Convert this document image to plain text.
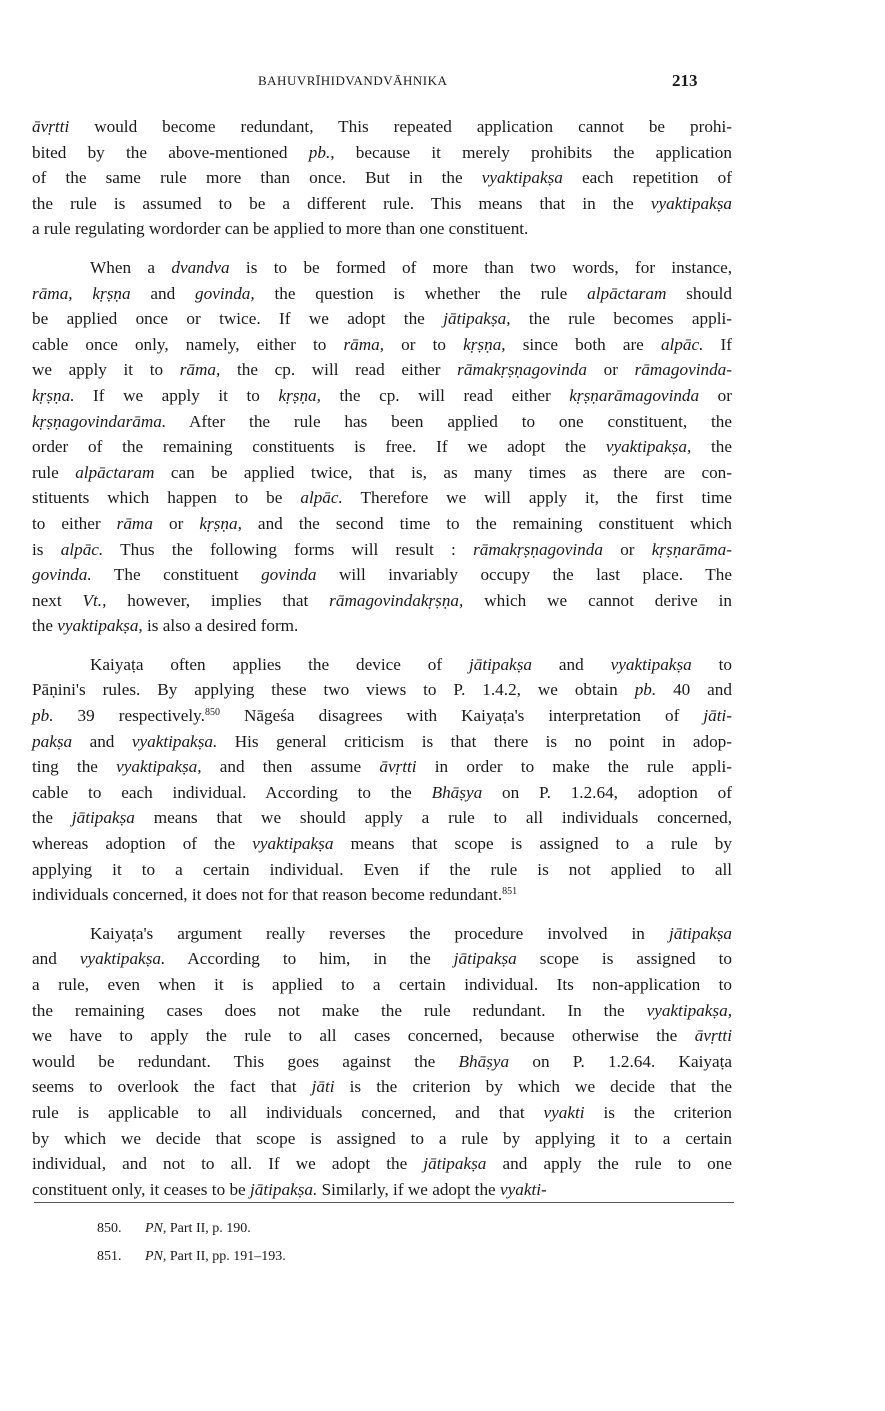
BAHUVRĪHIDVANDVĀHNIKA	213
āvṛtti would become redundant, This repeated application cannot be prohi-
bited by the above-mentioned pb., because it merely prohibits the application
of the same rule more than once. But in the vyaktipakṣa each repetition of
the rule is assumed to be a different rule. This means that in the vyaktipakṣa
a rule regulating wordorder can be applied to more than one constituent.
When a dvandva is to be formed of more than two words, for instance,
rāma, kṛṣṇa and govinda, the question is whether the rule alpāctaram should
be applied once or twice. If we adopt the jātipakṣa, the rule becomes appli-
cable once only, namely, either to rāma, or to kṛṣṇa, since both are alpāc. If
we apply it to rāma, the cp. will read either rāmakṛṣṇagovinda or rāmagovinda-
kṛṣṇa. If we apply it to kṛṣṇa, the cp. will read either kṛṣṇarāmagovinda or
kṛṣṇagovindarāma. After the rule has been applied to one constituent, the
order of the remaining constituents is free. If we adopt the vyaktipakṣa, the
rule alpāctaram can be applied twice, that is, as many times as there are con-
stituents which happen to be alpāc. Therefore we will apply it, the first time
to either rāma or kṛṣṇa, and the second time to the remaining constituent which
is alpāc. Thus the following forms will result : rāmakṛṣṇagovinda or kṛṣṇarāma-
govinda. The constituent govinda will invariably occupy the last place. The
next Vt., however, implies that rāmagovindakṛṣṇa, which we cannot derive in
the vyaktipakṣa, is also a desired form.
Kaiyaṭa often applies the device of jātipakṣa and vyaktipakṣa to
Pāṇini's rules. By applying these two views to P. 1.4.2, we obtain pb. 40 and
pb. 39 respectively.$^{850}$ Nāgeśa disagrees with Kaiyaṭa's interpretation of jāti-
pakṣa and vyaktipakṣa. His general criticism is that there is no point in adop-
ting the vyaktipakṣa, and then assume āvṛtti in order to make the rule appli-
cable to each individual. According to the Bhāṣya on P. 1.2.64, adoption of
the jātipakṣa means that we should apply a rule to all individuals concerned,
whereas adoption of the vyaktipakṣa means that scope is assigned to a rule by
applying it to a certain individual. Even if the rule is not applied to all
individuals concerned, it does not for that reason become redundant.$^{851}$
Kaiyaṭa's argument really reverses the procedure involved in jātipakṣa
and vyaktipakṣa. According to him, in the jātipakṣa scope is assigned to
a rule, even when it is applied to a certain individual. Its non-application to
the remaining cases does not make the rule redundant. In the vyaktipakṣa,
we have to apply the rule to all cases concerned, because otherwise the āvṛtti
would be redundant. This goes against the Bhāṣya on P. 1.2.64. Kaiyaṭa
seems to overlook the fact that jāti is the criterion by which we decide that the
rule is applicable to all individuals concerned, and that vyakti is the criterion
by which we decide that scope is assigned to a rule by applying it to a certain
individual, and not to all. If we adopt the jātipakṣa and apply the rule to one
constituent only, it ceases to be jātipakṣa. Similarly, if we adopt the vyakti-
850. PN, Part II, p. 190.
851. PN, Part II, pp. 191–193.
